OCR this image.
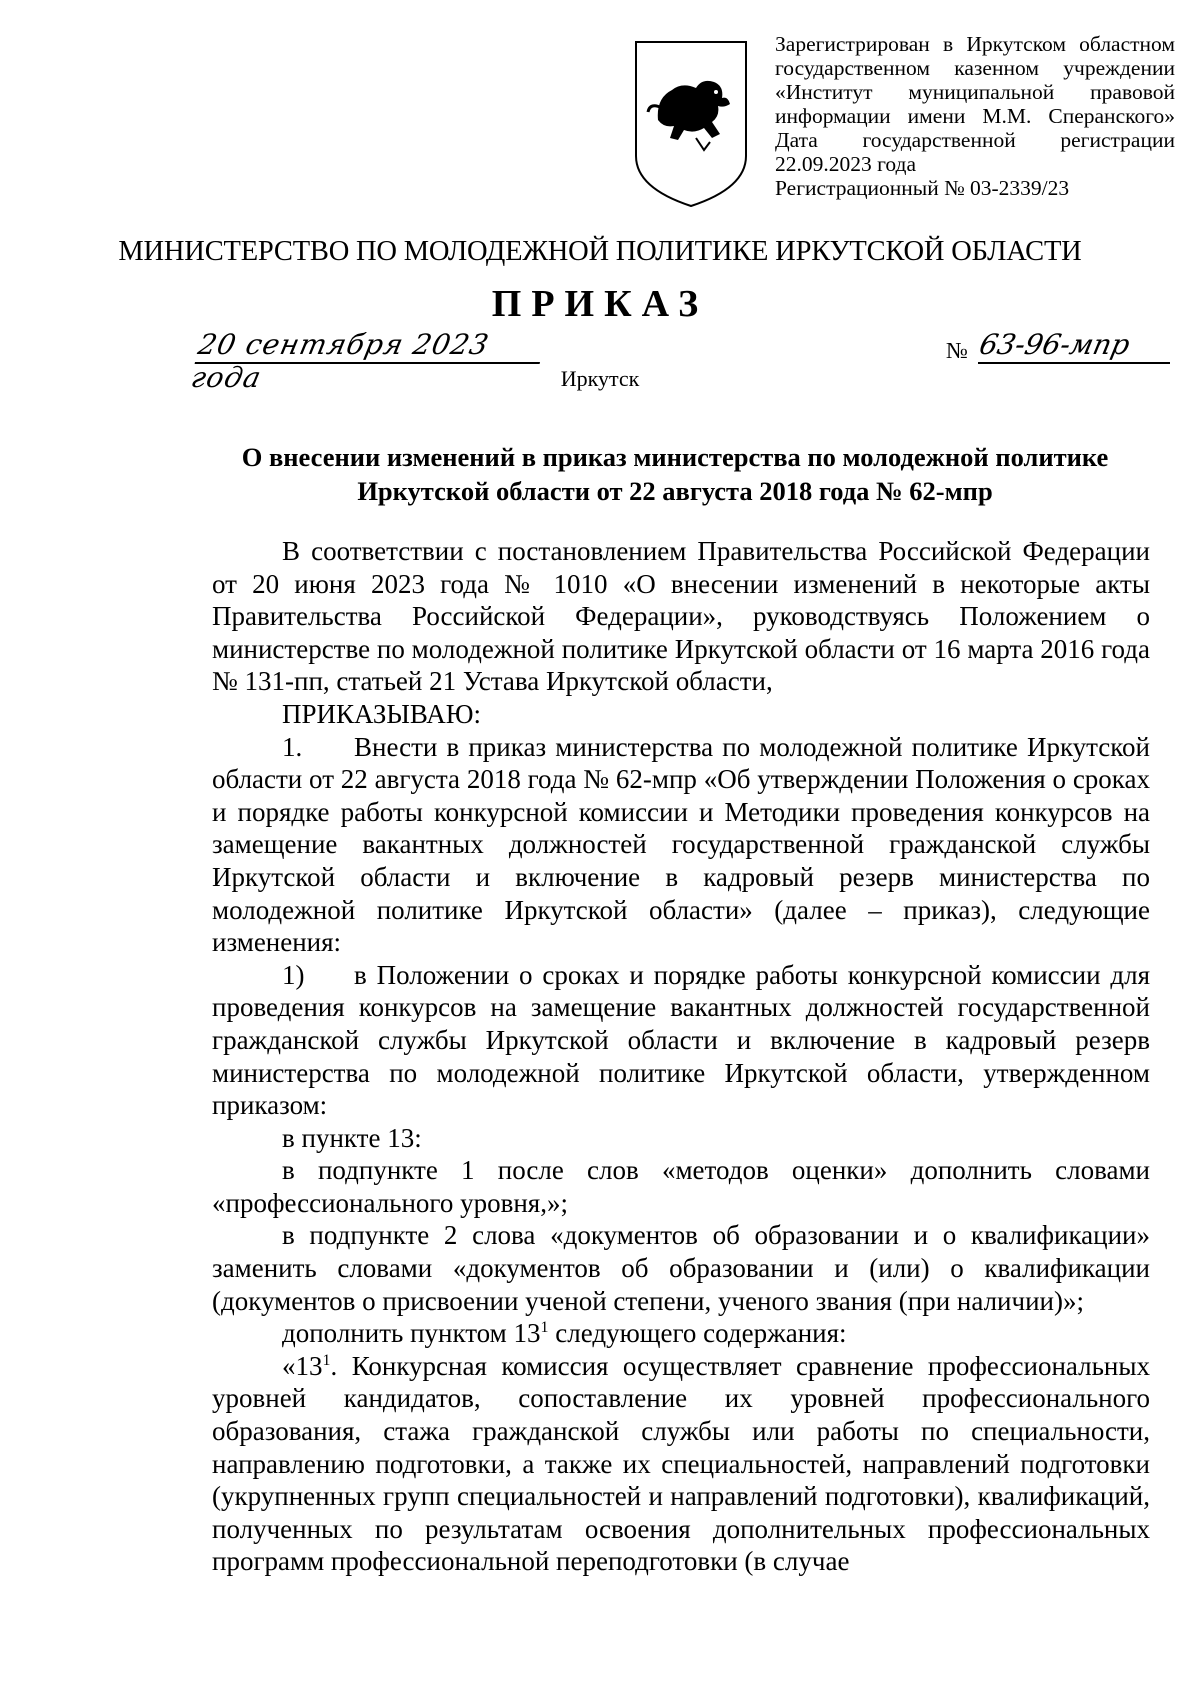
Зарегистрирован в Иркутском областном
государственном казенном учреждении
«Институт муниципальной правовой
информации имени М.М. Сперанского»
Дата государственной регистрации
22.09.2023 года
Регистрационный № 03-2339/23
МИНИСТЕРСТВО ПО МОЛОДЕЖНОЙ ПОЛИТИКЕ ИРКУТСКОЙ ОБЛАСТИ
ПРИКАЗ
20 сентября 2023 года
№ 63-96-мпр
Иркутск
О внесении изменений в приказ министерства по молодежной политике
Иркутской области от 22 августа 2018 года № 62-мпр

В соответствии с постановлением Правительства Российской Федерации от 20 июня 2023 года № 1010 «О внесении изменений в некоторые акты Правительства Российской Федерации», руководствуясь Положением о министерстве по молодежной политике Иркутской области от 16 марта 2016 года № 131-пп, статьей 21 Устава Иркутской области,

ПРИКАЗЫВАЮ:

1. Внести в приказ министерства по молодежной политике Иркутской области от 22 августа 2018 года № 62-мпр «Об утверждении Положения о сроках и порядке работы конкурсной комиссии и Методики проведения конкурсов на замещение вакантных должностей государственной гражданской службы Иркутской области и включение в кадровый резерв министерства по молодежной политике Иркутской области» (далее – приказ), следующие изменения:

1) в Положении о сроках и порядке работы конкурсной комиссии для проведения конкурсов на замещение вакантных должностей государственной гражданской службы Иркутской области и включение в кадровый резерв министерства по молодежной политике Иркутской области, утвержденном приказом:

в пункте 13:

в подпункте 1 после слов «методов оценки» дополнить словами «профессионального уровня,»;

в подпункте 2 слова «документов об образовании и о квалификации» заменить словами «документов об образовании и (или) о квалификации (документов о присвоении ученой степени, ученого звания (при наличии)»;

дополнить пунктом $13^1$ следующего содержания:

«$13^1$. Конкурсная комиссия осуществляет сравнение профессиональных уровней кандидатов, сопоставление их уровней профессионального образования, стажа гражданской службы или работы по специальности, направлению подготовки, а также их специальностей, направлений подготовки (укрупненных групп специальностей и направлений подготовки), квалификаций, полученных по результатам освоения дополнительных профессиональных программ профессиональной переподготовки (в случае
